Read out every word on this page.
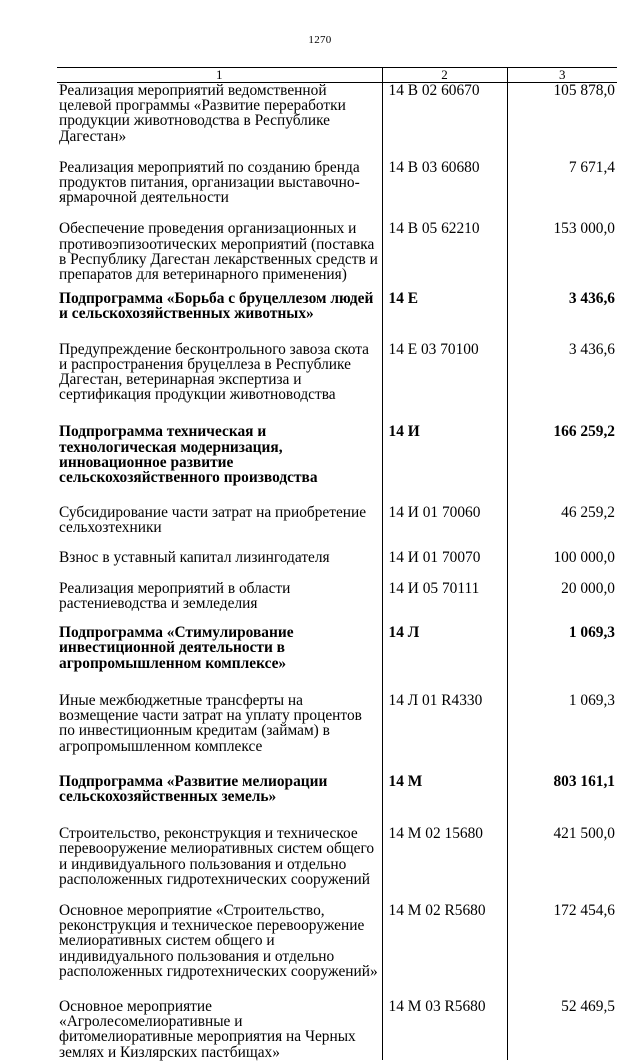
1270
1	2	3
Реализация мероприятий ведомственной целевой программы «Развитие переработки продукции животноводства в Республике Дагестан»	14 В 02 60670	105 878,0

Реализация мероприятий по созданию бренда продуктов питания, организации выставочно-ярмарочной деятельности	14 В 03 60680	7 671,4

Обеспечение проведения организационных и противоэпизоотических мероприятий (поставка в Республику Дагестан лекарственных средств и препаратов для ветеринарного применения)	14 В 05 62210	153 000,0

Подпрограмма «Борьба с бруцеллезом людей и сельскохозяйственных животных»	14 Е	3 436,6

Предупреждение бесконтрольного завоза скота и распространения бруцеллеза в Республике Дагестан, ветеринарная экспертиза и сертификация продукции животноводства	14 Е 03 70100	3 436,6

Подпрограмма техническая и технологическая модернизация, инновационное развитие сельскохозяйственного производства	14 И	166 259,2

Субсидирование части затрат на приобретение сельхозтехники	14 И 01 70060	46 259,2

Взнос в уставный капитал лизингодателя	14 И 01 70070	100 000,0

Реализация мероприятий в области растениеводства и земледелия	14 И 05 70111	20 000,0

Подпрограмма «Стимулирование инвестиционной деятельности в агропромышленном комплексе»	14 Л	1 069,3

Иные межбюджетные трансферты на возмещение части затрат на уплату процентов по инвестиционным кредитам (займам) в агропромышленном комплексе	14 Л 01 R4330	1 069,3

Подпрограмма «Развитие мелиорации сельскохозяйственных земель»	14 М	803 161,1

Строительство, реконструкция и техническое перевооружение мелиоративных систем общего и индивидуального пользования и отдельно расположенных гидротехнических сооружений	14 М 02 15680	421 500,0

Основное мероприятие «Строительство, реконструкция и техническое перевооружение мелиоративных систем общего и индивидуального пользования и отдельно расположенных гидротехнических сооружений»	14 М 02 R5680	172 454,6

Основное мероприятие «Агролесомелиоративные и фитомелиоративные мероприятия на Черных землях и Кизлярских пастбищах»	14 М 03 R5680	52 469,5
